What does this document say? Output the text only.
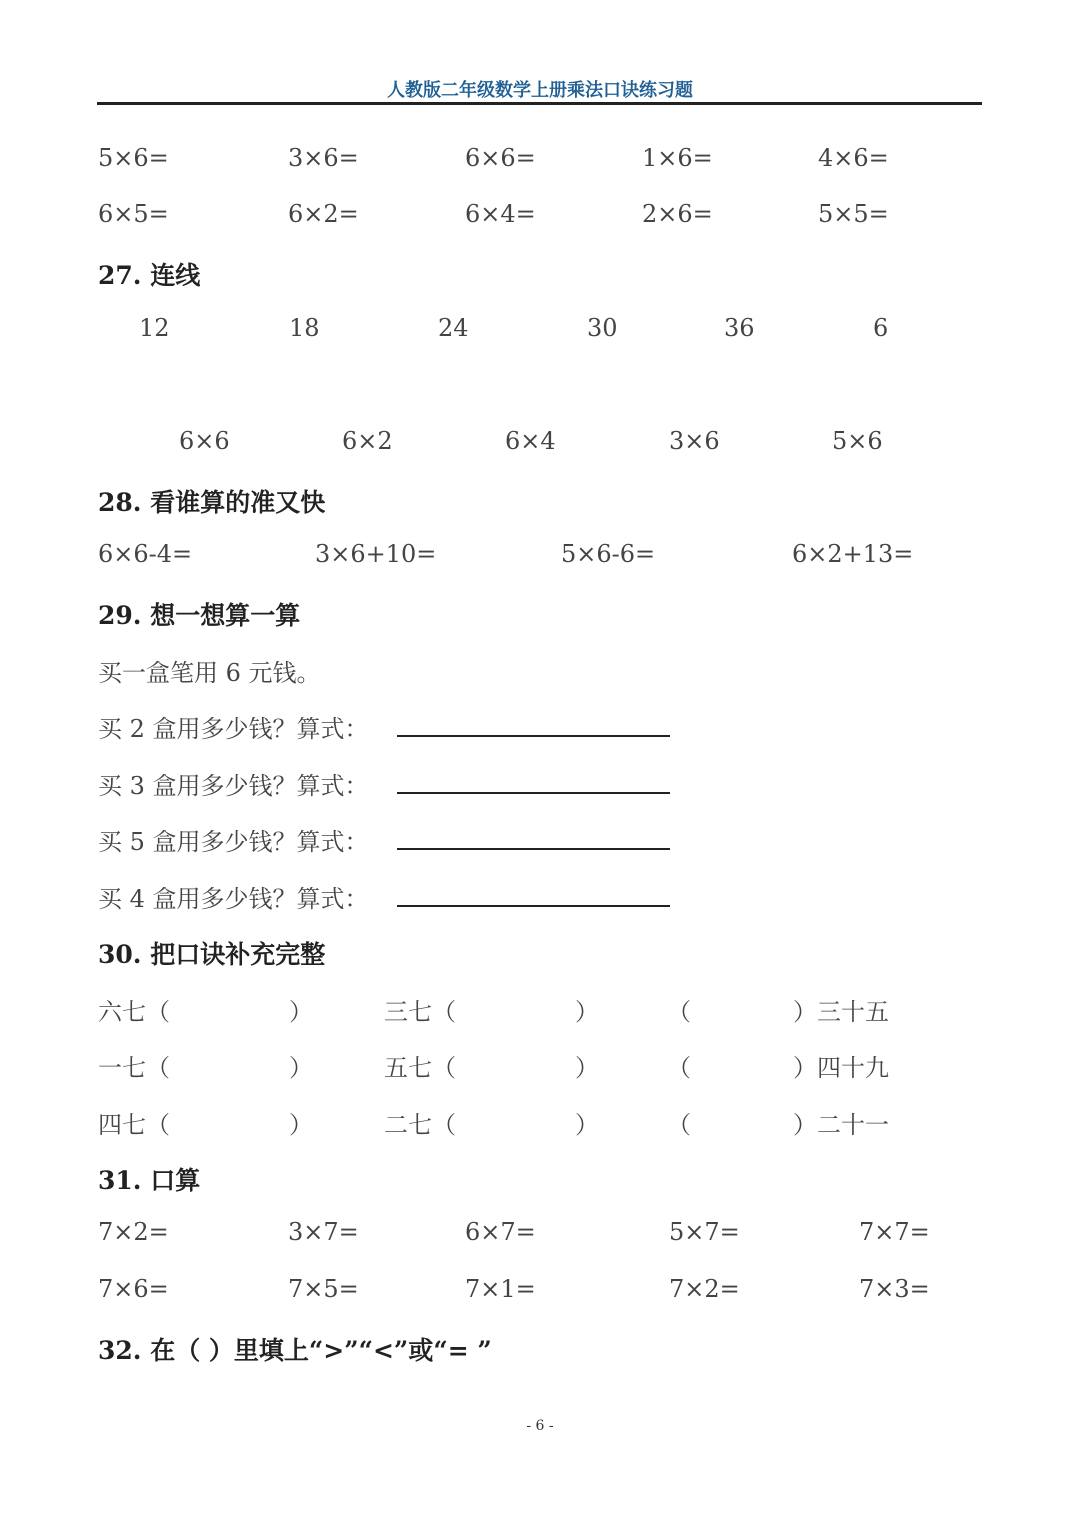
人教版二年级数学上册乘法口诀练习题
5×6=	3×6=	6×6=	1×6=	4×6=
6×5=	6×2=	6×4=	2×6=	5×5=
27. 连线
12	18	24	30	36	6
6×6	6×2	6×4	3×6	5×6
28. 看谁算的准又快
6×6-4=	3×6+10=	5×6-6=	6×2+13=
29. 想一想算一算
买一盒笔用 6 元钱。
买 2 盒用多少钱？算式：
买 3 盒用多少钱？算式：
买 5 盒用多少钱？算式：
买 4 盒用多少钱？算式：
30. 把口诀补充完整
六七（	）	三七（	）	（	）三十五
一七（	）	五七（	）	（	）四十九
四七（	）	二七（	）	（	）二十一
31. 口算
7×2=	3×7=	6×7=	5×7=	7×7=
7×6=	7×5=	7×1=	7×2=	7×3=
32. 在（ ）里填上“>”“<”或“= ”
- 6 -
